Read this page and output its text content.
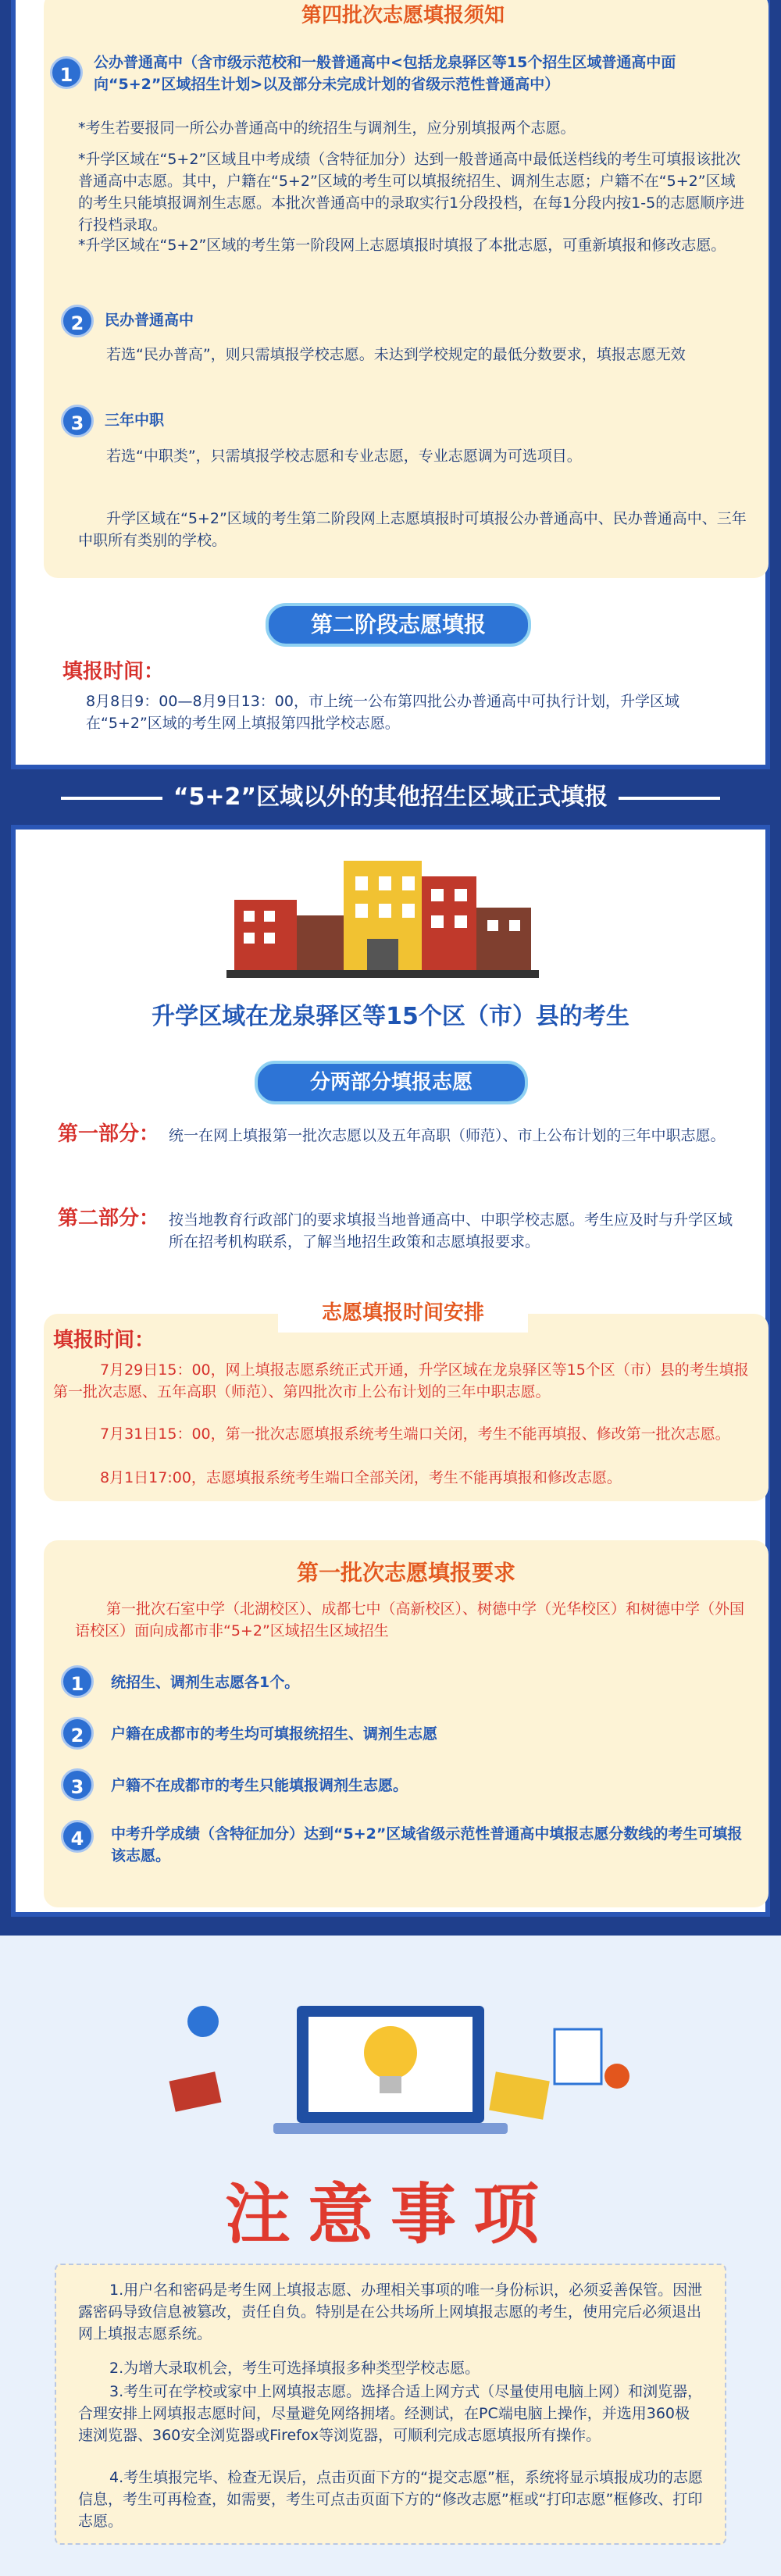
第四批次志愿填报须知
1
公办普通高中（含市级示范校和一般普通高中<包括龙泉驿区等15个招生区域普通高中面向“5+2”区域招生计划>以及部分未完成计划的省级示范性普通高中）
*考生若要报同一所公办普通高中的统招生与调剂生，应分别填报两个志愿。
*升学区域在“5+2”区域且中考成绩（含特征加分）达到一般普通高中最低送档线的考生可填报该批次普通高中志愿。其中，户籍在“5+2”区域的考生可以填报统招生、调剂生志愿；户籍不在“5+2”区域的考生只能填报调剂生志愿。本批次普通高中的录取实行1分段投档，在每1分段内按1-5的志愿顺序进行投档录取。
*升学区域在“5+2”区域的考生第一阶段网上志愿填报时填报了本批志愿，可重新填报和修改志愿。
2	民办普通高中
若选“民办普高”，则只需填报学校志愿。未达到学校规定的最低分数要求，填报志愿无效
3	三年中职
若选“中职类”，只需填报学校志愿和专业志愿，专业志愿调为可选项目。
升学区域在“5+2”区域的考生第二阶段网上志愿填报时可填报公办普通高中、民办普通高中、三年中职所有类别的学校。
第二阶段志愿填报
填报时间：
8月8日9：00—8月9日13：00，市上统一公布第四批公办普通高中可执行计划，升学区域在“5+2”区域的考生网上填报第四批学校志愿。
“5+2”区域以外的其他招生区域正式填报
升学区域在龙泉驿区等15个区（市）县的考生
分两部分填报志愿
第一部分： 统一在网上填报第一批次志愿以及五年高职（师范）、市上公布计划的三年中职志愿。
第二部分： 按当地教育行政部门的要求填报当地普通高中、中职学校志愿。考生应及时与升学区域所在招考机构联系，了解当地招生政策和志愿填报要求。
志愿填报时间安排
填报时间：
7月29日15：00，网上填报志愿系统正式开通，升学区域在龙泉驿区等15个区（市）县的考生填报第一批次志愿、五年高职（师范）、第四批次市上公布计划的三年中职志愿。
7月31日15：00，第一批次志愿填报系统考生端口关闭，考生不能再填报、修改第一批次志愿。
8月1日17:00，志愿填报系统考生端口全部关闭，考生不能再填报和修改志愿。
第一批次志愿填报要求
第一批次石室中学（北湖校区）、成都七中（高新校区）、树德中学（光华校区）和树德中学（外国语校区）面向成都市非“5+2”区域招生区域招生
1	统招生、调剂生志愿各1个。
2	户籍在成都市的考生均可填报统招生、调剂生志愿
3	户籍不在成都市的考生只能填报调剂生志愿。
4	中考升学成绩（含特征加分）达到“5+2”区域省级示范性普通高中填报志愿分数线的考生可填报该志愿。
注意事项
1.用户名和密码是考生网上填报志愿、办理相关事项的唯一身份标识，必须妥善保管。因泄露密码导致信息被篡改，责任自负。特别是在公共场所上网填报志愿的考生，使用完后必须退出网上填报志愿系统。
2.为增大录取机会，考生可选择填报多种类型学校志愿。
3.考生可在学校或家中上网填报志愿。选择合适上网方式（尽量使用电脑上网）和浏览器，合理安排上网填报志愿时间，尽量避免网络拥堵。经测试，在PC端电脑上操作，并选用360极速浏览器、360安全浏览器或Firefox等浏览器，可顺利完成志愿填报所有操作。
4.考生填报完毕、检查无误后，点击页面下方的“提交志愿”框，系统将显示填报成功的志愿信息，考生可再检查，如需要，考生可点击页面下方的“修改志愿”框或“打印志愿”框修改、打印志愿。
